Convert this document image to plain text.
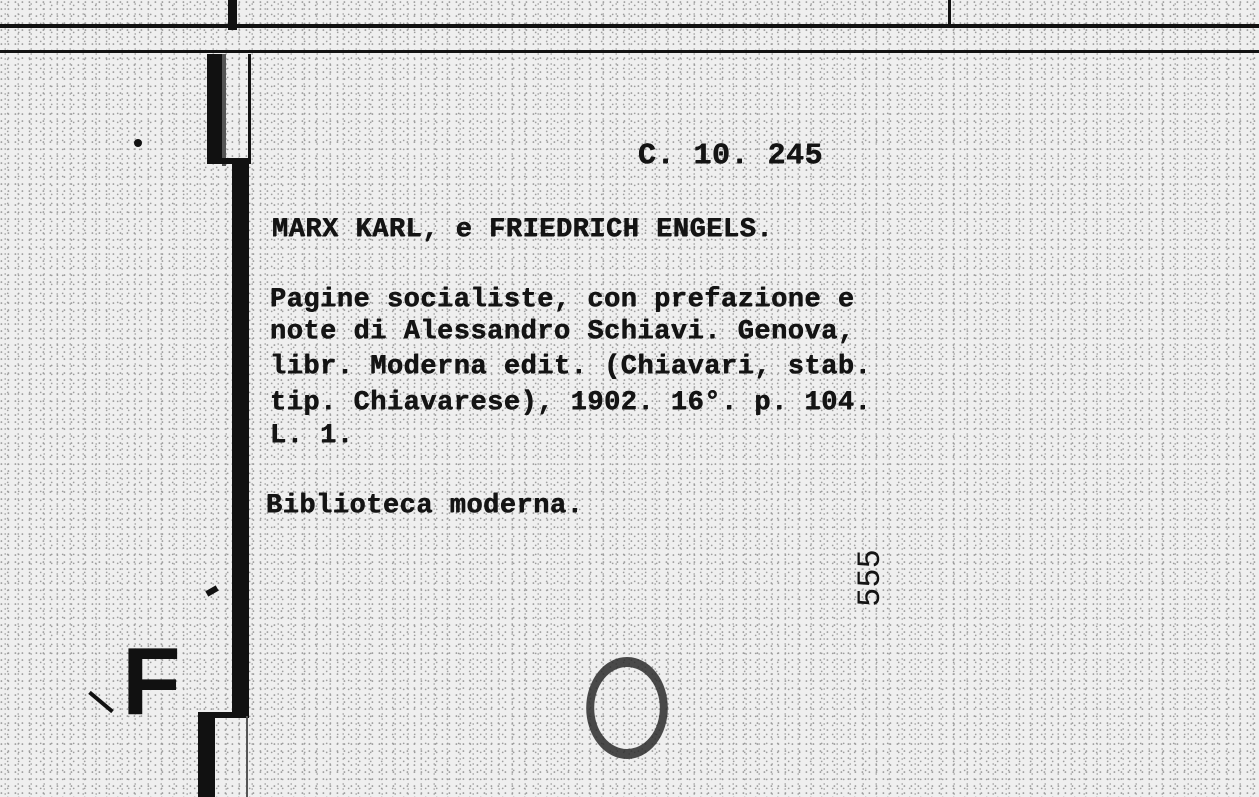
C. 10. 245
MARX KARL, e FRIEDRICH ENGELS.
Pagine socialiste, con prefazione e
note di Alessandro Schiavi. Genova,
libr. Moderna edit. (Chiavari, stab.
tip. Chiavarese), 1902. 16°. p. 104.
L. 1.
Biblioteca moderna.
555
F
